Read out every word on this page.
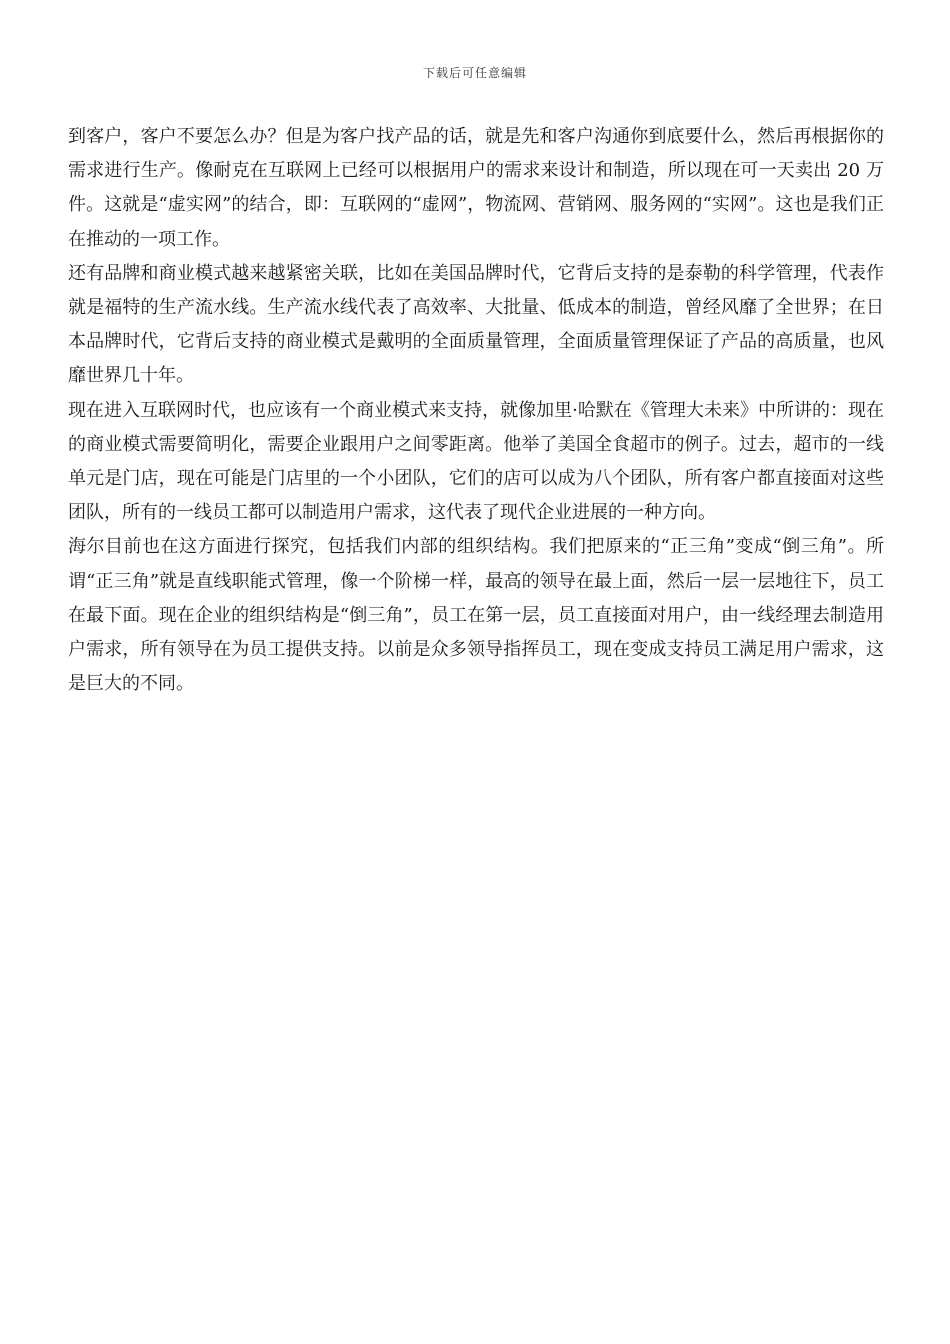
下载后可任意编辑

到客户，客户不要怎么办？但是为客户找产品的话，就是先和客户沟通你到底要什么，然后再根据你的需求进行生产。像耐克在互联网上已经可以根据用户的需求来设计和制造，所以现在可一天卖出 20 万件。这就是“虚实网”的结合，即：互联网的“虚网”，物流网、营销网、服务网的“实网”。这也是我们正在推动的一项工作。

还有品牌和商业模式越来越紧密关联，比如在美国品牌时代，它背后支持的是泰勒的科学管理，代表作就是福特的生产流水线。生产流水线代表了高效率、大批量、低成本的制造，曾经风靡了全世界；在日本品牌时代，它背后支持的商业模式是戴明的全面质量管理，全面质量管理保证了产品的高质量，也风靡世界几十年。

现在进入互联网时代，也应该有一个商业模式来支持，就像加里·哈默在《管理大未来》中所讲的：现在的商业模式需要简明化，需要企业跟用户之间零距离。他举了美国全食超市的例子。过去，超市的一线单元是门店，现在可能是门店里的一个小团队，它们的店可以成为八个团队，所有客户都直接面对这些团队，所有的一线员工都可以制造用户需求，这代表了现代企业进展的一种方向。

海尔目前也在这方面进行探究，包括我们内部的组织结构。我们把原来的“正三角”变成“倒三角”。所谓“正三角”就是直线职能式管理，像一个阶梯一样，最高的领导在最上面，然后一层一层地往下，员工在最下面。现在企业的组织结构是“倒三角”，员工在第一层，员工直接面对用户，由一线经理去制造用户需求，所有领导在为员工提供支持。以前是众多领导指挥员工，现在变成支持员工满足用户需求，这是巨大的不同。
